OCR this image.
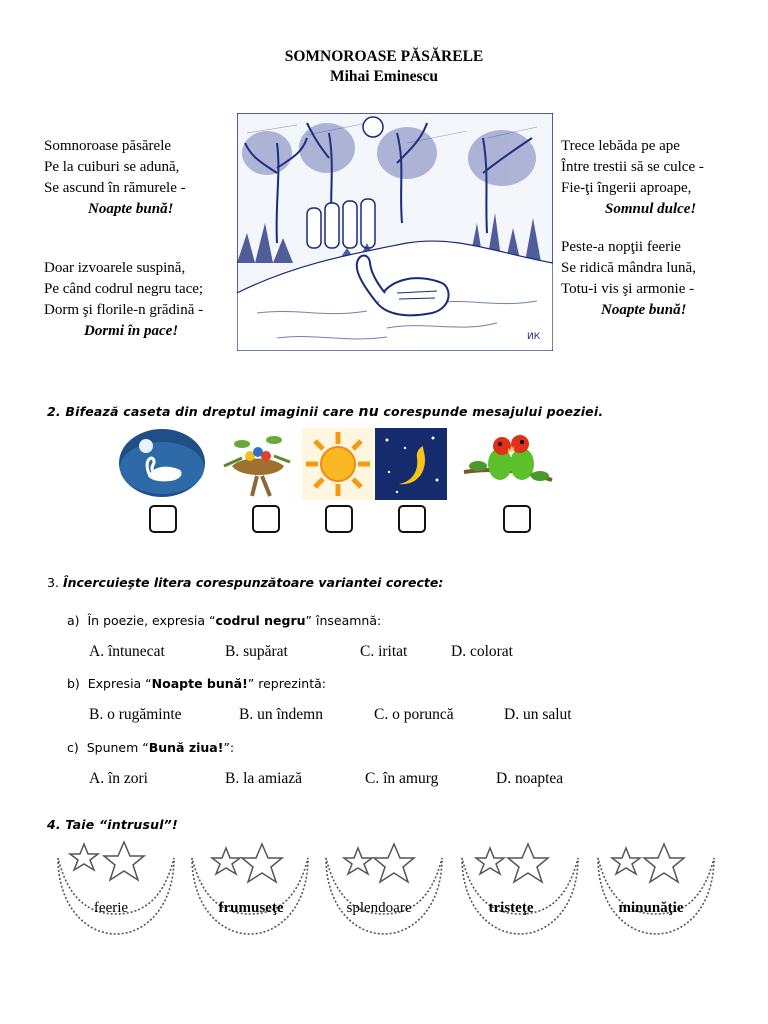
SOMNOROASE PĂSĂRELE
Mihai Eminescu
Somnoroase păsărele
Pe la cuiburi se adună,
Se ascund în rămurele -
Noapte bună!
Doar izvoarele suspină,
Pe când codrul negru tace;
Dorm şi florile-n grădină -
Dormi în pace!
Trece lebăda pe ape
Între trestii să se culce -
Fie-ţi îngerii aproape,
Somnul dulce!
Peste-a nopţii feerie
Se ridică mândra lună,
Totu-i vis şi armonie -
Noapte bună!
ИК
2. Bifează caseta din dreptul imaginii care nu corespunde mesajului poeziei.
3. Încercuieşte litera corespunzătoare variantei corecte:
a) În poezie, expresia “codrul negru” înseamnă:
A. întunecat	B. supărat	C. iritat	D. colorat
b) Expresia “Noapte bună!” reprezintă:
B. o rugăminte	B. un îndemn	C. o poruncă	D. un salut
c) Spunem “Bună ziua!”:
A. în zori	B. la amiază	C. în amurg	D. noaptea
4. Taie “intrusul”!
feerie	frumuseţe	splendoare	tristeţe	minunăţie
